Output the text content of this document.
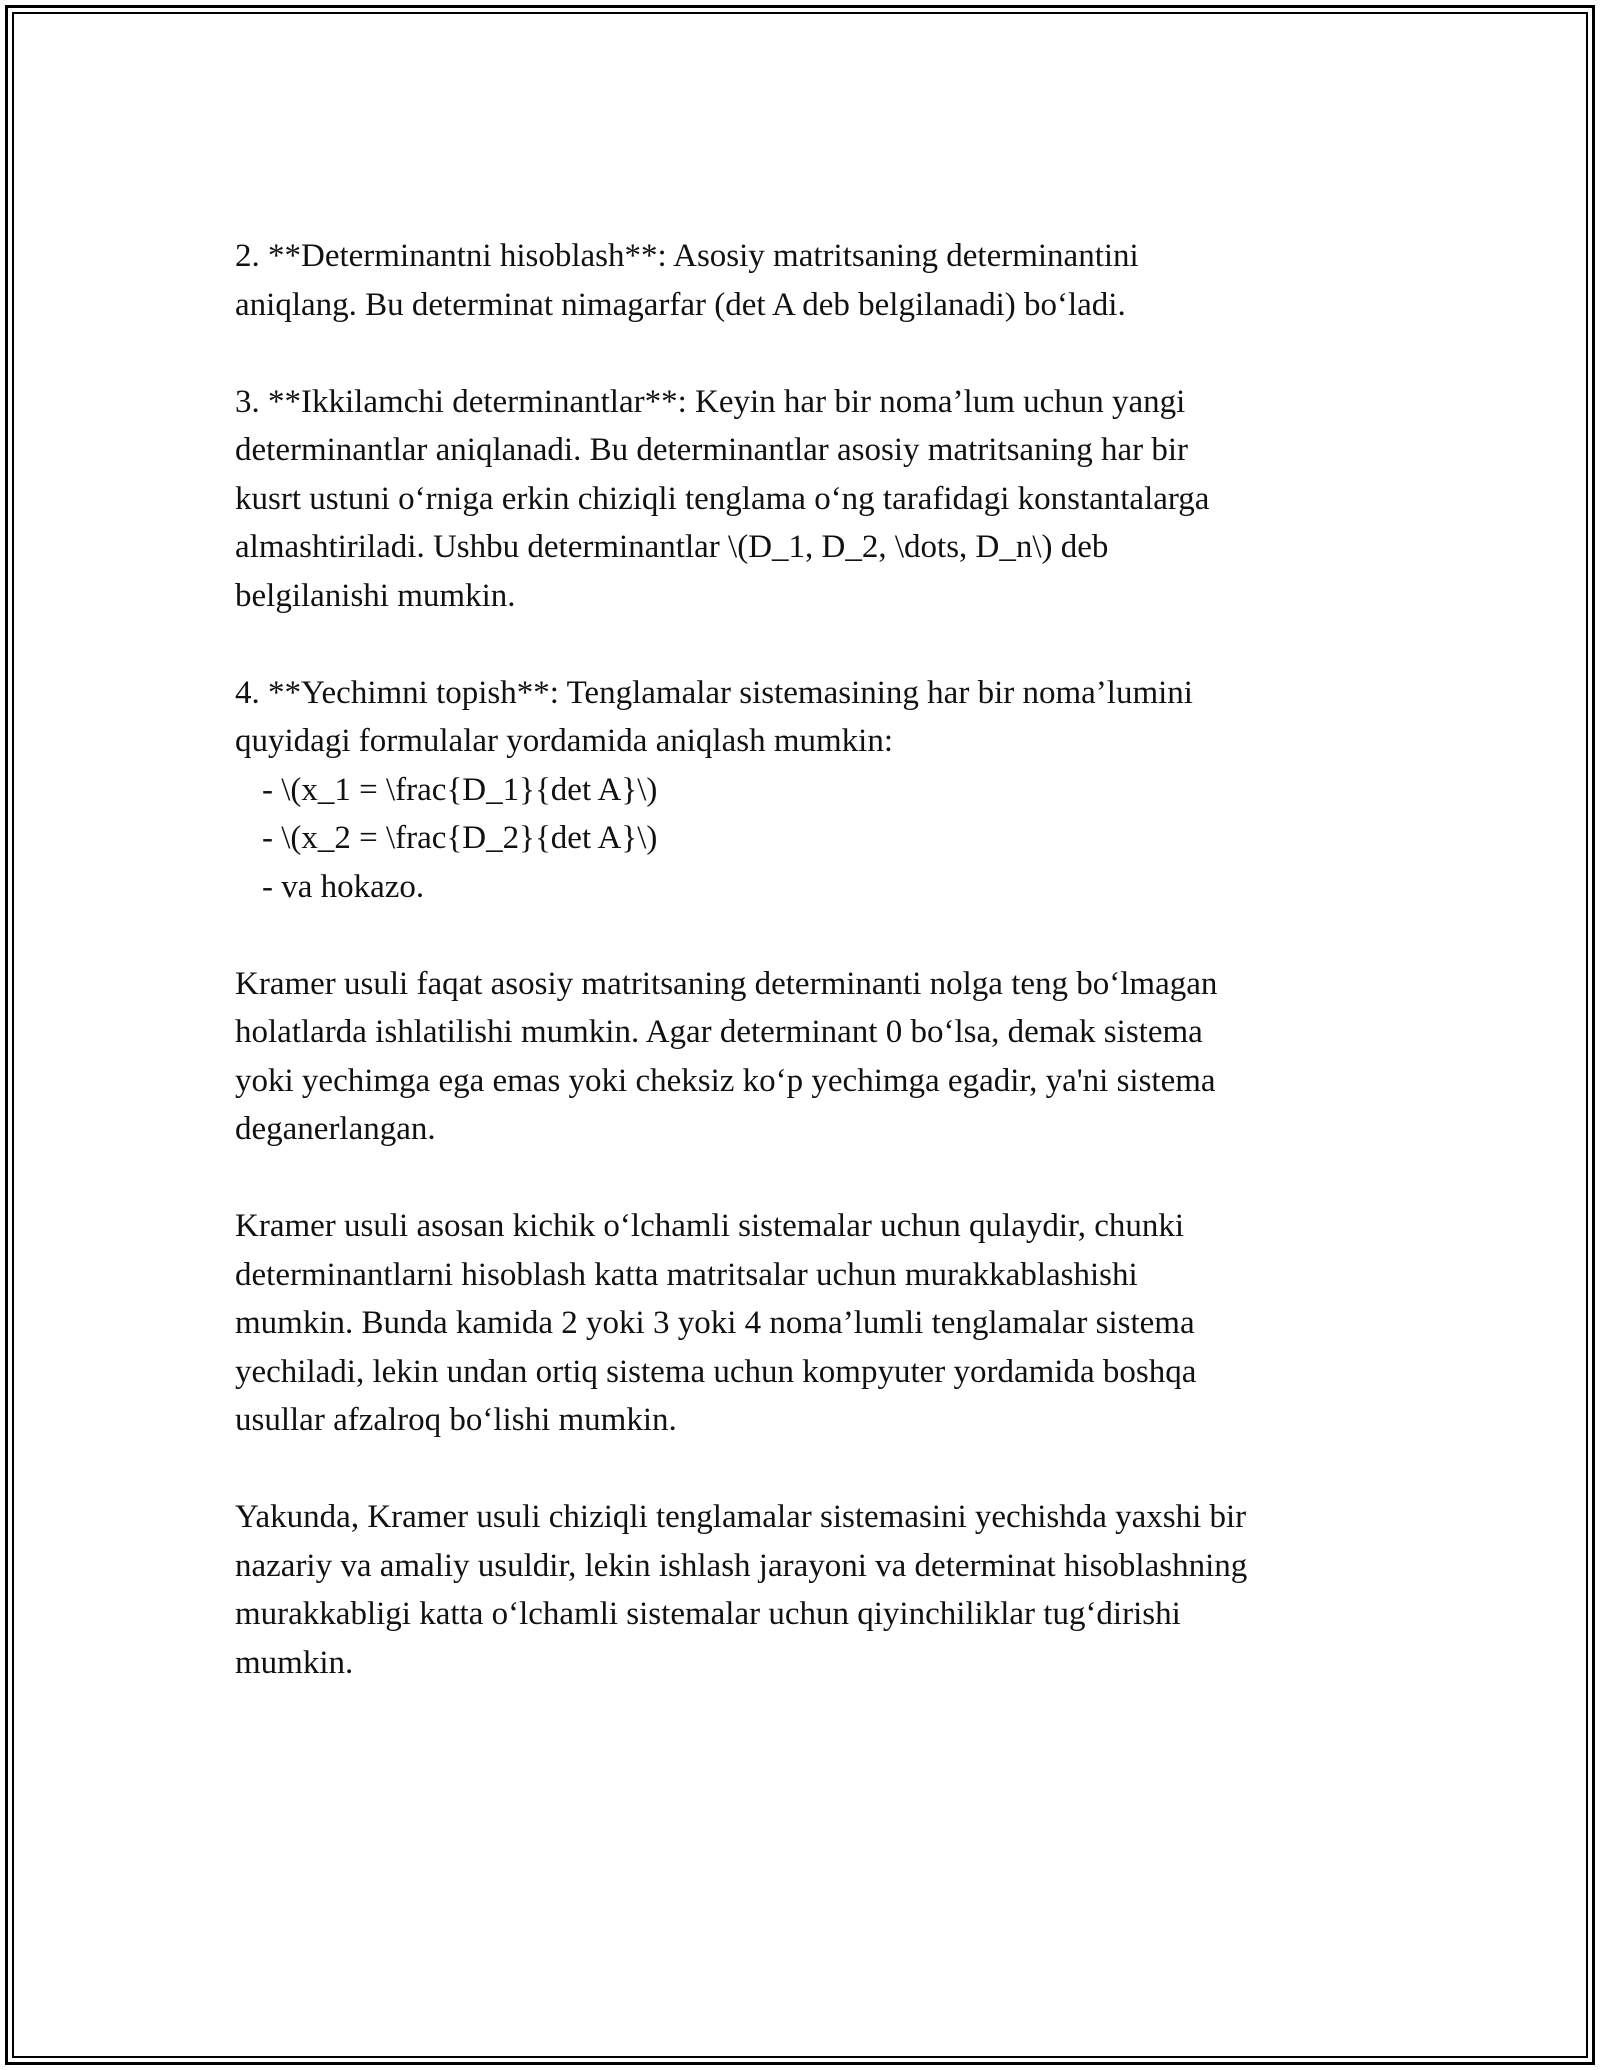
2. **Determinantni hisoblash**: Asosiy matritsaning determinantini
aniqlang. Bu determinat nimagarfar (det A deb belgilanadi) bo‘ladi.
3. **Ikkilamchi determinantlar**: Keyin har bir noma’lum uchun yangi
determinantlar aniqlanadi. Bu determinantlar asosiy matritsaning har bir
kusrt ustuni o‘rniga erkin chiziqli tenglama o‘ng tarafidagi konstantalarga
almashtiriladi. Ushbu determinantlar \(D_1, D_2, \dots, D_n\) deb
belgilanishi mumkin.
4. **Yechimni topish**: Tenglamalar sistemasining har bir noma’lumini
quyidagi formulalar yordamida aniqlash mumkin:
- \(x_1 = \frac{D_1}{det A}\)
- \(x_2 = \frac{D_2}{det A}\)
- va hokazo.
Kramer usuli faqat asosiy matritsaning determinanti nolga teng bo‘lmagan
holatlarda ishlatilishi mumkin. Agar determinant 0 bo‘lsa, demak sistema
yoki yechimga ega emas yoki cheksiz ko‘p yechimga egadir, ya'ni sistema
deganerlangan.
Kramer usuli asosan kichik o‘lchamli sistemalar uchun qulaydir, chunki
determinantlarni hisoblash katta matritsalar uchun murakkablashishi
mumkin. Bunda kamida 2 yoki 3 yoki 4 noma’lumli tenglamalar sistema
yechiladi, lekin undan ortiq sistema uchun kompyuter yordamida boshqa
usullar afzalroq bo‘lishi mumkin.
Yakunda, Kramer usuli chiziqli tenglamalar sistemasini yechishda yaxshi bir
nazariy va amaliy usuldir, lekin ishlash jarayoni va determinat hisoblashning
murakkabligi katta o‘lchamli sistemalar uchun qiyinchiliklar tug‘dirishi
mumkin.
